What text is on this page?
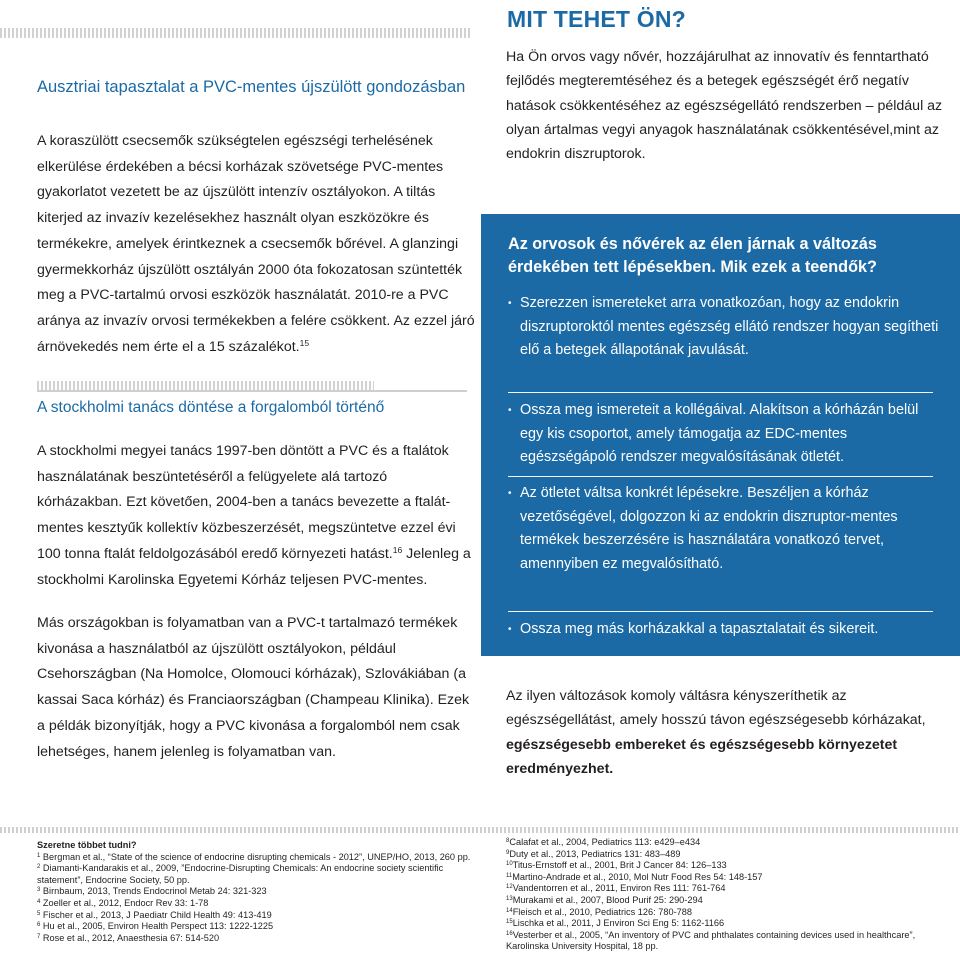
MIT TEHET ÖN?
Ausztriai tapasztalat a PVC-mentes újszülött gondozásban

A koraszülött csecsemők szükségtelen egészségi terhelésének elkerülése érdekében a bécsi korházak szövetsége PVC-mentes gyakorlatot vezetett be az újszülött intenzív osztályokon. A tiltás kiterjed az invazív kezelésekhez használt olyan eszközökre és termékekre, amelyek érintkeznek a csecsemők bőrével. A glanzingi gyermekkorház újszülött osztályán 2000 óta fokozatosan szüntették meg a PVC-tartalmú orvosi eszközök használatát. 2010-re a PVC aránya az invazív orvosi termékekben a felére csökkent. Az ezzel járó árnövekedés nem érte el a 15 százalékot.$^{15}$

A stockholmi tanács döntése a forgalomból történő

A stockholmi megyei tanács 1997-ben döntött a PVC és a ftalátok használatának beszüntetéséről a felügyelete alá tartozó kórházakban. Ezt követően, 2004-ben a tanács bevezette a ftalát-mentes kesztyűk kollektív közbeszerzését, megszüntetve ezzel évi 100 tonna ftalát feldolgozásából eredő környezeti hatást.$^{16}$ Jelenleg a stockholmi Karolinska Egyetemi Kórház teljesen PVC-mentes.

Más országokban is folyamatban van a PVC-t tartalmazó termékek kivonása a használatból az újszülött osztályokon, például Csehországban (Na Homolce, Olomouci kórházak), Szlovákiában (a kassai Saca kórház) és Franciaországban (Champeau Klinika). Ezek a példák bizonyítják, hogy a PVC kivonása a forgalomból nem csak lehetséges, hanem jelenleg is folyamatban van.

Ha Ön orvos vagy nővér, hozzájárulhat az innovatív és fenntartható fejlődés megteremtéséhez és a betegek egészségét érő negatív hatások csökkentéséhez az egészségellátó rendszerben – például az olyan ártalmas vegyi anyagok használatának csökkentésével,mint az endokrin diszruptorok.

Az orvosok és nővérek az élen járnak a változás érdekében tett lépésekben. Mik ezek a teendők?
• Szerezzen ismereteket arra vonatkozóan, hogy az endokrin diszruptoroktól mentes egészség ellátó rendszer hogyan segítheti elő a betegek állapotának javulását.
• Ossza meg ismereteit a kollégáival. Alakítson a kórházán belül egy kis csoportot, amely támogatja az EDC-mentes egészségápoló rendszer megvalósításának ötletét.
• Az ötletet váltsa konkrét lépésekre. Beszéljen a kórház vezetőségével, dolgozzon ki az endokrin diszruptor-mentes termékek beszerzésére is használatára vonatkozó tervet, amennyiben ez megvalósítható.
• Ossza meg más korházakkal a tapasztalatait és sikereit.

Az ilyen változások komoly váltásra kényszeríthetik az egészségellátást, amely hosszú távon egészségesebb kórházakat, egészségesebb embereket és egészségesebb környezetet eredményezhet.

Szeretne többet tudni?
$^1$ Bergman et al., “State of the science of endocrine disrupting chemicals - 2012”, UNEP/HO, 2013, 260 pp.
$^2$ Diamanti-Kandarakis et al., 2009, ”Endocrine-Disrupting Chemicals: An endocrine society scientific statement”, Endocrine Society, 50 pp.
$^3$ Birnbaum, 2013, Trends Endocrinol Metab 24: 321-323
$^4$ Zoeller et al., 2012, Endocr Rev 33: 1-78
$^5$ Fischer et al., 2013, J Paediatr Child Health 49: 413-419
$^6$ Hu et al., 2005, Environ Health Perspect 113: 1222-1225
$^7$ Rose et al., 2012, Anaesthesia 67: 514-520
$^8$Calafat et al., 2004, Pediatrics 113: e429–e434
$^9$Duty et al., 2013, Pediatrics 131: 483–489
$^{10}$Titus-Ernstoff et al., 2001, Brit J Cancer 84: 126–133
$^{11}$Martino-Andrade et al., 2010, Mol Nutr Food Res 54: 148-157
$^{12}$Vandentorren et al., 2011, Environ Res 111: 761-764
$^{13}$Murakami et al., 2007, Blood Purif 25: 290-294
$^{14}$Fleisch et al., 2010, Pediatrics 126: 780-788
$^{15}$Lischka et al., 2011, J Environ Sci Eng 5: 1162-1166
$^{16}$Vesterber et al., 2005, “An inventory of PVC and phthalates containing devices used in healthcare”, Karolinska University Hospital, 18 pp.
